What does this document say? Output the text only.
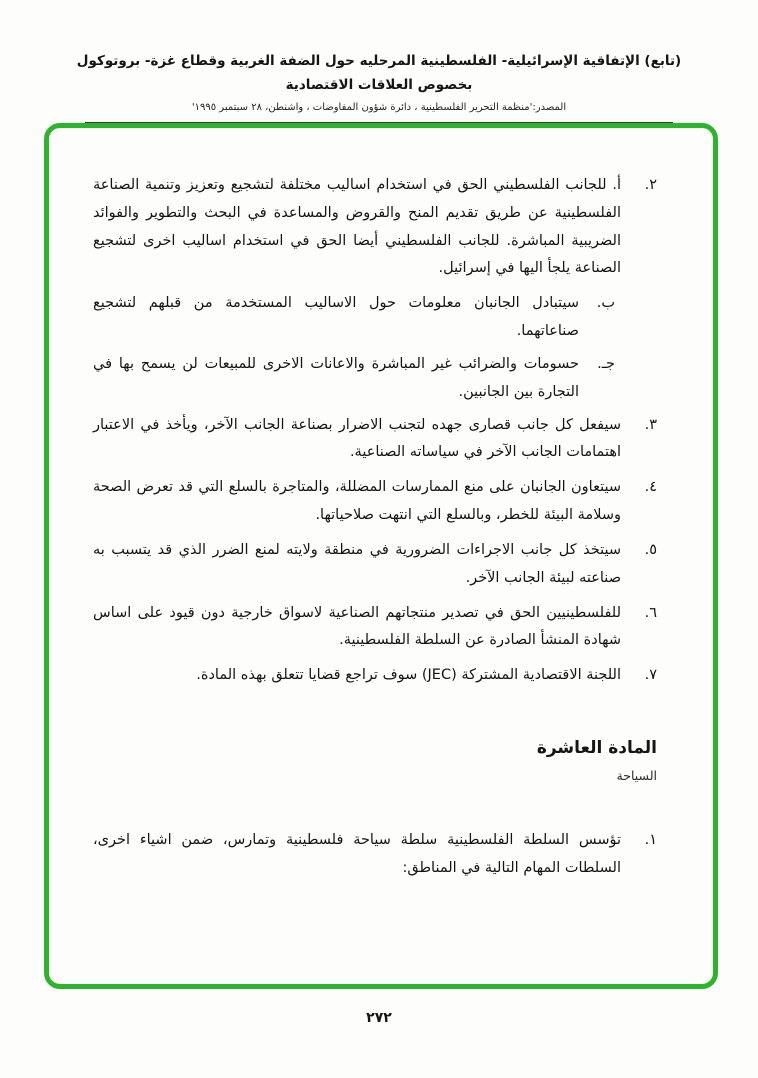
(تابع) الإتفاقية الإسرائيلية- الفلسطينية المرحليه حول الضفة الغربية وقطاع غزة- بروتوكول بخصوص العلاقات الاقتصادية
المصدر:'منظمة التحرير الفلسطينية ، دائرة شؤون المفاوضات ، واشنطن، ٢٨ سبتمبر ١٩٩٥'
٢.

أ. للجانب الفلسطيني الحق في استخدام اساليب مختلفة لتشجيع وتعزيز وتنمية الصناعة الفلسطينية عن طريق تقديم المنح والقروض والمساعدة في البحث والتطوير والفوائد الضريبية المباشرة. للجانب الفلسطيني أيضا الحق في استخدام اساليب اخرى لتشجيع الصناعة يلجأ اليها في إسرائيل.

ب.

سيتبادل الجانبان معلومات حول الاساليب المستخدمة من قبلهم لتشجيع صناعاتهما.

جـ.

حسومات والضرائب غير المباشرة والاعانات الاخرى للمبيعات لن يسمح بها في التجارة بين الجانبين.

٣.

سيفعل كل جانب قصارى جهده لتجنب الاضرار بصناعة الجانب الآخر، ويأخذ في الاعتبار اهتمامات الجانب الآخر في سياساته الصناعية.

٤.

سيتعاون الجانبان على منع الممارسات المضللة، والمتاجرة بالسلع التي قد تعرض الصحة وسلامة البيئة للخطر، وبالسلع التي انتهت صلاحياتها.

٥.

سيتخذ كل جانب الاجراءات الضرورية في منطقة ولايته لمنع الضرر الذي قد يتسبب به صناعته لبيئة الجانب الآخر.

٦.

للفلسطينيين الحق في تصدير منتجاتهم الصناعية لاسواق خارجية دون قيود على اساس شهادة المنشأ الصادرة عن السلطة الفلسطينية.

٧.

اللجنة الاقتصادية المشتركة (JEC) سوف تراجع قضايا تتعلق بهذه المادة.

المادة العاشرة
السياحة
١.

تؤسس السلطة الفلسطينية سلطة سياحة فلسطينية وتمارس، ضمن اشياء اخرى، السلطات المهام التالية في المناطق:

٢٧٢
